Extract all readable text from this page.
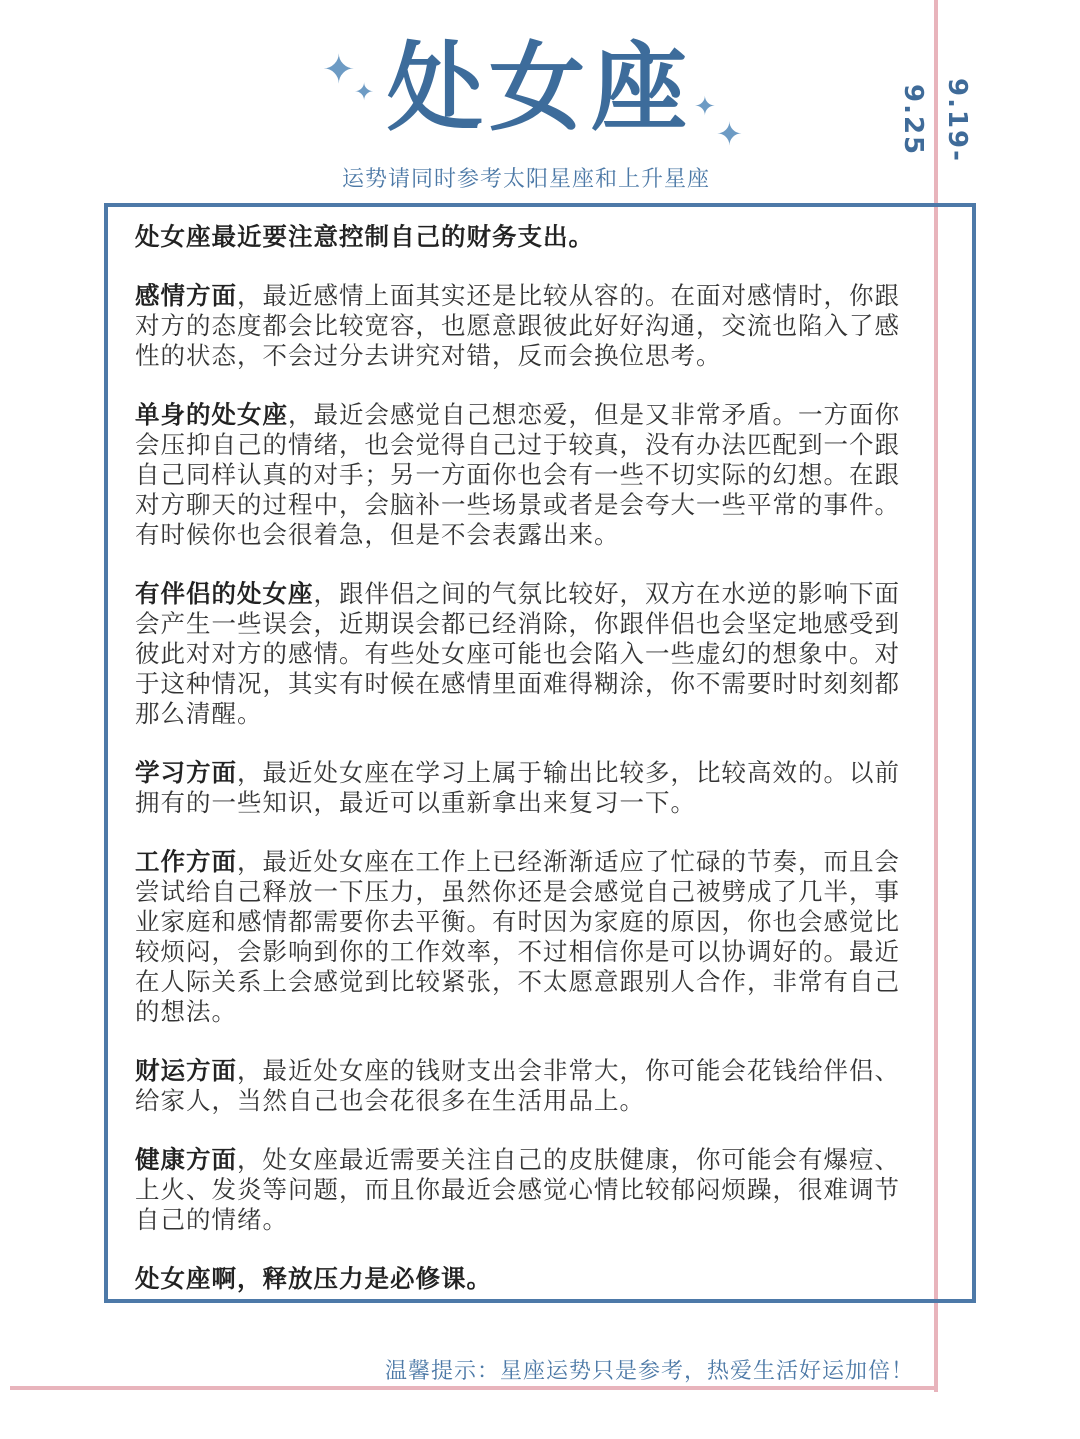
✦
✦	✦
✦
处女座
运势请同时参考太阳星座和上升星座
9.19-9.25

处女座最近要注意控制自己的财务支出。

感情方面，最近感情上面其实还是比较从容的。在面对感情时，你跟对方的态度都会比较宽容，也愿意跟彼此好好沟通，交流也陷入了感性的状态，不会过分去讲究对错，反而会换位思考。

单身的处女座，最近会感觉自己想恋爱，但是又非常矛盾。一方面你会压抑自己的情绪，也会觉得自己过于较真，没有办法匹配到一个跟自己同样认真的对手；另一方面你也会有一些不切实际的幻想。在跟对方聊天的过程中，会脑补一些场景或者是会夸大一些平常的事件。有时候你也会很着急，但是不会表露出来。

有伴侣的处女座，跟伴侣之间的气氛比较好，双方在水逆的影响下面会产生一些误会，近期误会都已经消除，你跟伴侣也会坚定地感受到彼此对对方的感情。有些处女座可能也会陷入一些虚幻的想象中。对于这种情况，其实有时候在感情里面难得糊涂，你不需要时时刻刻都那么清醒。

学习方面，最近处女座在学习上属于输出比较多，比较高效的。以前拥有的一些知识，最近可以重新拿出来复习一下。

工作方面，最近处女座在工作上已经渐渐适应了忙碌的节奏，而且会尝试给自己释放一下压力，虽然你还是会感觉自己被劈成了几半，事业家庭和感情都需要你去平衡。有时因为家庭的原因，你也会感觉比较烦闷，会影响到你的工作效率，不过相信你是可以协调好的。最近在人际关系上会感觉到比较紧张，不太愿意跟别人合作，非常有自己的想法。

财运方面，最近处女座的钱财支出会非常大，你可能会花钱给伴侣、给家人，当然自己也会花很多在生活用品上。

健康方面，处女座最近需要关注自己的皮肤健康，你可能会有爆痘、上火、发炎等问题，而且你最近会感觉心情比较郁闷烦躁，很难调节自己的情绪。

处女座啊，释放压力是必修课。

温馨提示：星座运势只是参考，热爱生活好运加倍！
